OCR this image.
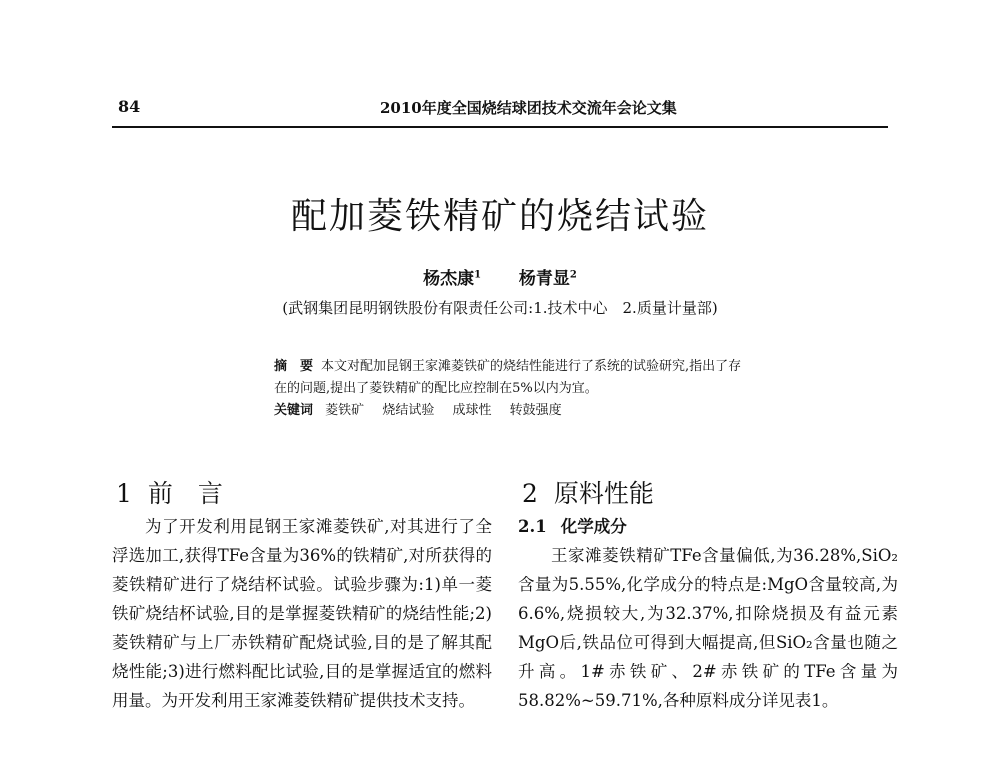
84	2010年度全国烧结球团技术交流年会论文集
配加菱铁精矿的烧结试验
杨杰康$^1$ 杨青显$^2$
(武钢集团昆明钢铁股份有限责任公司:1.技术中心　2.质量计量部)
摘　要 本文对配加昆钢王家滩菱铁矿的烧结性能进行了系统的试验研究,指出了存在的问题,提出了菱铁精矿的配比应控制在5%以内为宜。
关键词 菱铁矿 烧结试验 成球性 转鼓强度
1 前　言

为了开发利用昆钢王家滩菱铁矿,对其进行了全浮选加工,获得TFe含量为36%的铁精矿,对所获得的菱铁精矿进行了烧结杯试验。试验步骤为:1)单一菱铁矿烧结杯试验,目的是掌握菱铁精矿的烧结性能;2)菱铁精矿与上厂赤铁精矿配烧试验,目的是了解其配烧性能;3)进行燃料配比试验,目的是掌握适宜的燃料用量。为开发利用王家滩菱铁精矿提供技术支持。

2 原料性能
2.1 化学成分

王家滩菱铁精矿TFe含量偏低,为36.28%,SiO₂含量为5.55%,化学成分的特点是:MgO含量较高,为6.6%,烧损较大,为32.37%,扣除烧损及有益元素MgO后,铁品位可得到大幅提高,但SiO₂含量也随之升高。1#赤铁矿、2#赤铁矿的TFe含量为58.82%~59.71%,各种原料成分详见表1。
